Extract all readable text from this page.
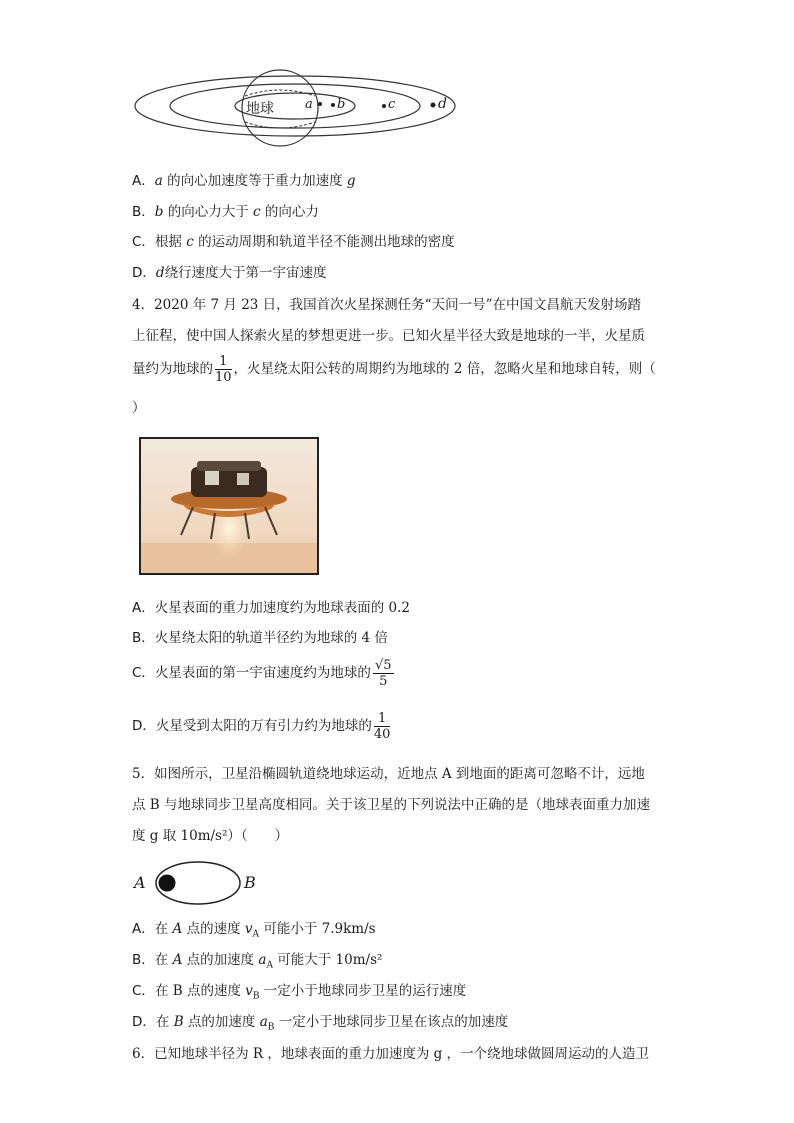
地球 a b	c	d
A．a 的向心加速度等于重力加速度 g
B．b 的向心力大于 c 的向心力
C．根据 c 的运动周期和轨道半径不能测出地球的密度
D．d绕行速度大于第一宇宙速度
4．2020 年 7 月 23 日，我国首次火星探测任务“天问一号”在中国文昌航天发射场踏
上征程，使中国人探索火星的梦想更进一步。已知火星半径大致是地球的一半，火星质
量约为地球的 $\frac{1}{10}$ ，火星绕太阳公转的周期约为地球的 2 倍，忽略火星和地球自转，则（
）
A．火星表面的重力加速度约为地球表面的 0.2
B．火星绕太阳的轨道半径约为地球的 4 倍
C．火星表面的第一宇宙速度约为地球的 $\frac{√5}{5}$
D．火星受到太阳的万有引力约为地球的 $\frac{1}{40}$
5．如图所示，卫星沿椭圆轨道绕地球运动，近地点 A 到地面的距离可忽略不计，远地
点 B 与地球同步卫星高度相同。关于该卫星的下列说法中正确的是（地球表面重力加速
度 g 取 10m/s²）（　　）
A	B
A．在 A 点的速度 $v_A$ 可能小于 7.9km/s
B．在 A 点的加速度 $a_A$ 可能大于 10m/s²
C．在 B 点的速度 $v_B$ 一定小于地球同步卫星的运行速度
D．在 B 点的加速度 $a_B$ 一定小于地球同步卫星在该点的加速度
6．已知地球半径为 R ，地球表面的重力加速度为 g ，一个绕地球做圆周运动的人造卫
